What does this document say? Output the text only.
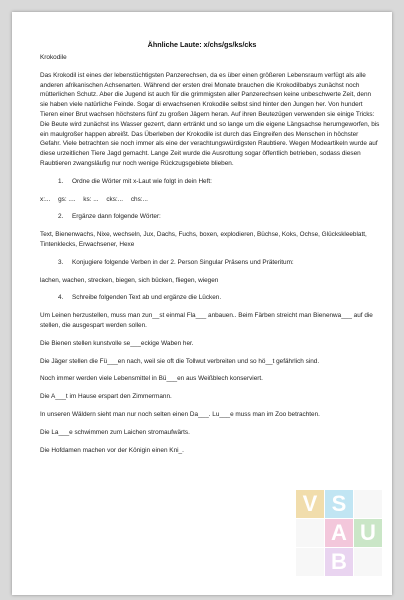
Ähnliche Laute: x/chs/gs/ks/cks
Krokodile
Das Krokodil ist eines der lebenstüchtigsten Panzerechsen, da es über einen größeren Lebensraum verfügt als alle anderen afrikanischen Achsenarten. Während der ersten drei Monate brauchen die Krokodilbabys zunächst noch mütterlichen Schutz. Aber die Jugend ist auch für die grimmigsten aller Panzerechsen keine unbeschwerte Zeit, denn sie haben viele natürliche Feinde. Sogar di erwachsenen Krokodile selbst sind hinter den Jungen her. Von hundert Tieren einer Brut wachsen höchstens fünf zu großen Jägern heran. Auf ihren Beutezügen verwenden sie einige Tricks: Die Beute wird zunächst ins Wasser gezerrt, dann ertränkt und so lange um die eigene Längsachse herumgeworfen, bis ein maulgroßer happen abreißt. Das Überleben der Krokodile ist durch das Eingreifen des Menschen in höchster Gefahr. Viele betrachten sie noch immer als eine der verachtungswürdigsten Raubtiere. Wegen Modeartikeln wurde auf diese urzeitlichen Tiere Jagd gemacht. Lange Zeit wurde die Ausrottung sogar öffentlich betrieben, sodass diesen Raubtieren zwangsläufig nur noch wenige Rückzugsgebiete blieben.
1. Ordne die Wörter mit x-Laut wie folgt in dein Heft:
x:... gs: .... ks: ... cks:... chs:...
2. Ergänze dann folgende Wörter:
Text, Bienenwachs, Nixe, wechseln, Jux, Dachs, Fuchs, boxen, explodieren, Büchse, Koks, Ochse, Glückskleeblatt, Tintenklecks, Erwachsener, Hexe
3. Konjugiere folgende Verben in der 2. Person Singular Präsens und Präteritum:
lachen, wachen, strecken, biegen, sich bücken, fliegen, wiegen
4. Schreibe folgenden Text ab und ergänze die Lücken.
Um Leinen herzustellen, muss man zun__st einmal Fla___ anbauen.. Beim Färben streicht man Bienenwa___ auf die stellen, die ausgespart werden sollen.
Die Bienen stellen kunstvolle se___eckige Waben her.
Die Jäger stellen die Fü___en nach, weil sie oft die Tollwut verbreiten und so hö__t gefährlich sind.
Noch immer werden viele Lebensmittel in Bü___en aus Weißblech konserviert.
Die A___t im Hause erspart den Zimmermann.
In unseren Wäldern sieht man nur noch selten einen Da___. Lu___e muss man im Zoo betrachten.
Die La___e schwimmen zum Laichen stromaufwärts.
Die Hofdamen machen vor der Königin einen Kni_.
V S
A U
B
